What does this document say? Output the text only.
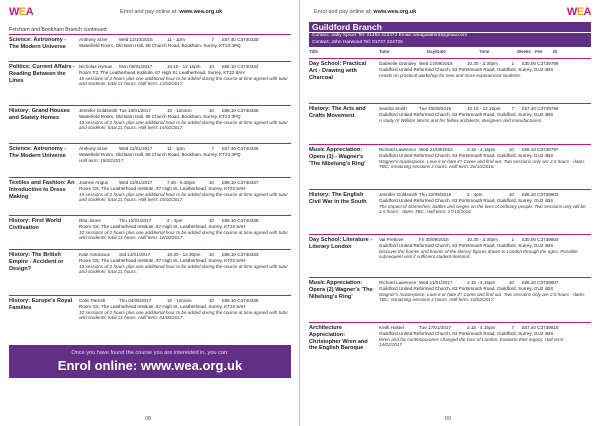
Enrol and pay online at: www.wea.org.uk
WEA
Fetcham and Bookham Branch continued
Science: Astronomy - The Modern Universe
Anthony Sizer Wed 12/10/2016	11 - 1pm	7 £57.40 C3740330
Waterfield Room, Old Barn Hall, 55 Church Road, Bookham, Surrey, KT23 3PQ
Politics: Current Affairs - Reading Between the Lines
Nicholas Hyman Mon 09/01/2017	10.15 - 12.15pm 10 £86.10 C3740334
Room F3, The Leatherhead Institute, 67 High St, Leatherhead, Surrey, KT22 8AH
15 sessions of 2 hours plus one additional hour to be added during the course at time agreed with tutor and students; total 21 hours. Half term: 13/02/2017.
History: Grand Houses and Stately Homes
Jennifer Goldsmith Tue 10/01/2017	10 - 12noon	10 £86.10 C3740335
Waterfield Room, Old Barn Hall, 55 Church Road, Bookham, Surrey, KT23 3PQ
10 sessions of 2 hours plus one additional hour to be added during the course at time agreed with tutor and students; total 21 hours. Half term: 14/02/2017.
Science: Astronomy - The Modern Universe
Anthony Sizer Wed 11/01/2017	11 - 1pm	7 £57.40 C3740336
Waterfield Room, Old Barn Hall, 55 Church Road, Bookham, Surrey, KT23 3PQ
Half term: 15/02/2017.
Textiles and Fashion: An Introduction to Dress Making
Joanne Angus Wed 11/01/2017	7.30 - 9.30pm	10 £86.10 C3740337
Room G5, The Leatherhead Institute, 67 High St, Leatherhead, Surrey, KT22 8AH
15 sessions of 2 hours plus one additional hour to be added during the course at time agreed with tutor and students; total 21 hours. Half term: 15/02/2017.
History: First World Civilisation
Rita Jones	Thu 12/01/2017	2 - 4pm	10 £86.10 C3740338
Room G6, The Leatherhead Institute, 67 High St, Leatherhead, Surrey, KT22 8AH
10 sessions of 2 hours plus one additional hour to be added during the course at time agreed with tutor and students; total 21 hours. Half term: 16/02/2017.
History: The British Empire - Accident or Design?
Kate Antonious Sat 14/01/2017	10.30 - 12.30pm 10 £86.10 C3740333
Room G5, The Leatherhead Institute, 67 High St, Leatherhead, Surrey, KT22 8AH
10 sessions of 2 hours plus one additional hour to be added during the course at time agreed with tutor and students; total 21 hours.
History: Europe's Royal Families
Colin Parrish	Thu 04/05/2017	10 - 12noon	10 £86.10 C3740339
Room G5, The Leatherhead Institute, 67 High St, Leatherhead, Surrey, KT22 8AH
10 sessions of 2 hours plus one additional hour to be added during the course at time agreed with tutor and students; total 21 hours. Half term: 01/06/2017.
Once you have found the course you are interested in, you can:
Enrol online: www.wea.org.uk
08
Enrol and pay online at: www.wea.org.uk	WEA
Guildford Branch
Contact: Sally Spicer Tel: 01483 422372 Email: weaguildford@gmail.com
Contact: John Harwood Tel: 01737 224726
Title	Tutor	Day/Date	Time	Weeks Fee ID
Day School: Practical Art - Drawing with Charcoal
Gabrielle Grandey Wed 14/09/2016	10.30 - 3.30pm	1 £30.00 C3739799
Guildford United Reformed Church, 83 Portsmouth Road, Guildford, Surrey, GU2 4BS
Hands on practical workshop for new and more experienced students.
History: The Arts and Crafts Movement
Sandra Smith	Tue 20/09/2016	10.15 - 12.15pm 7 £57.40 C3739796
Guildford United Reformed Church, 83 Portsmouth Road, Guildford, Surrey, GU2 4BS
A study of William Morris and his fellow architects, designers and manufacturers.
Music Appreciation: Opera (1) - Wagner's 'The Nibelung's Ring'
Richard Lawrence Wed 21/09/2016	2.15 - 4.15pm	10 £86.10 C3739797
Guildford United Reformed Church, 83 Portsmouth Road, Guildford, Surrey, GU2 4BS
Wagner's masterpiece. Love it or hate it? Come and find out. Two sessions only are 2.5 hours - dates TBC; remaining sessions 2 hours. Half term: 26/10/2016.
History: The English Civil War in the South
Jennifer Goldsmith Thu 22/09/2016	2 - 4pm	10 £86.10 C3739803
Guildford United Reformed Church, 83 Portsmouth Road, Guildford, Surrey, GU2 4BS
The impact of skirmishes, battles and sieges on the lives of ordinary people. Two sessions only will be 2.5 hours - dates TBC. Half term: 27/10/2016.
Day School: Literature - Literary London
Val Pretlove	Fri 30/09/2016	10.30 - 3.30pm	1 £30.00 C3739804
Guildford United Reformed Church, 83 Portsmouth Road, Guildford, Surrey, GU2 4BS
Discover the homes and haunts of the literary figures drawn to London through the ages. Possible subsequent visit if sufficient student demand.
Music Appreciation: Opera (2) Wagner's 'The Nibelung's Ring'
Richard Lawrence Wed 11/01/2017	2.15 - 4.15pm	10 £86.10 C3739807
Guildford United Reformed Church, 83 Portsmouth Road, Guildford, Surrey, GU2 4BS
Wagner's masterpiece. Love it or hate it? Come and find out. Two sessions only are 2.5 hours - dates TBC; remaining sessions 2 hours. Half term: 15/02/2017.
Architecture Appreciation: Christopher Wren and the English Baroque
Keith Hastel	Tue 17/01/2017	2.15 - 4.15pm	7 £57.40 C3739810
Guildford United Reformed Church, 83 Portsmouth Road, Guildford, Surrey, GU2 4BS
Wren and his contemporaries changed the face of London. Examine their legacy. Half term: 14/02/2017.
09
